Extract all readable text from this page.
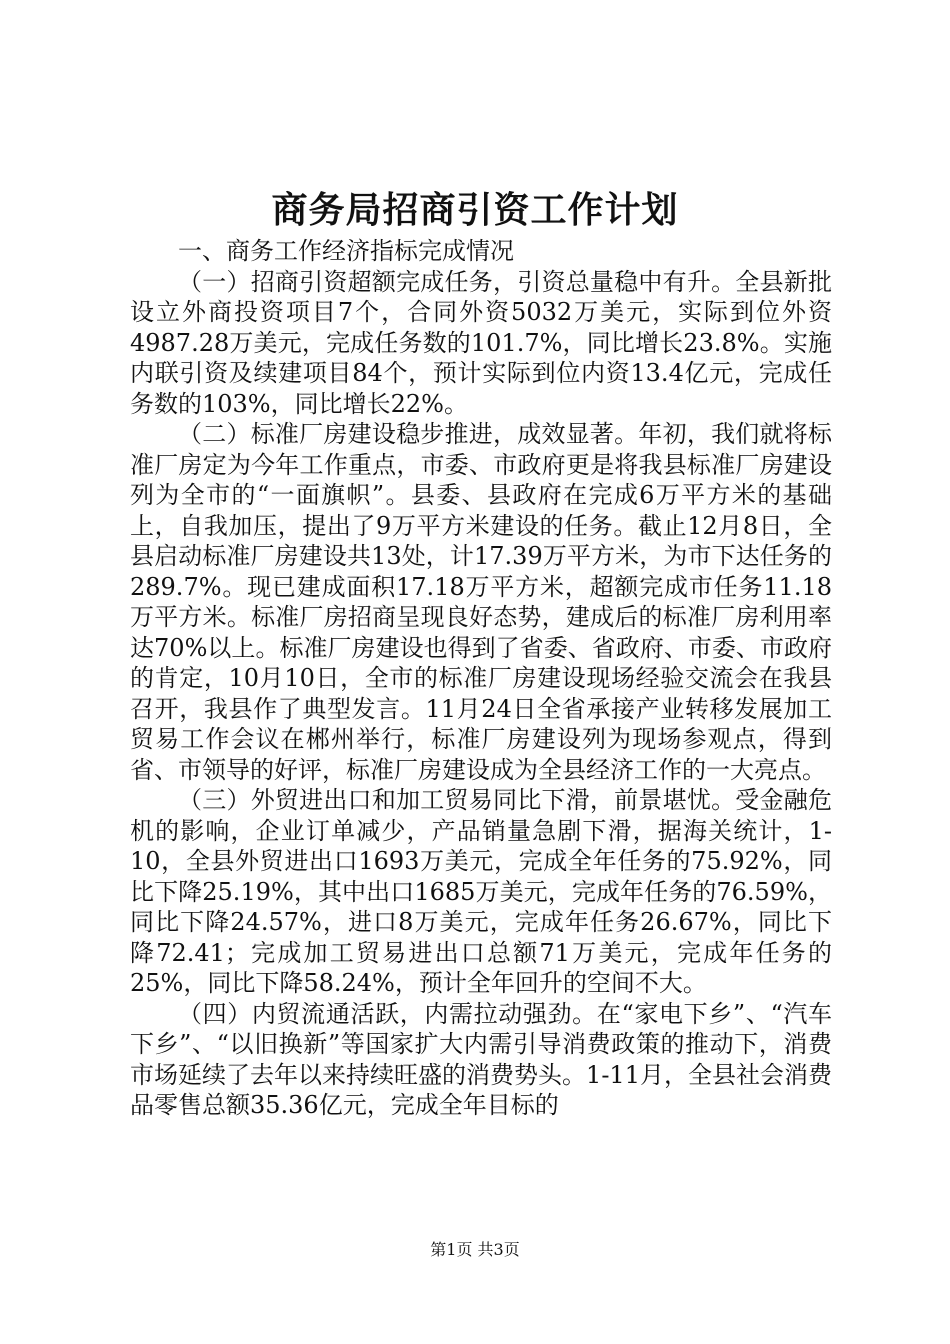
商务局招商引资工作计划

一、商务工作经济指标完成情况

（一）招商引资超额完成任务，引资总量稳中有升。全县新批设立外商投资项目7个，合同外资5032万美元，实际到位外资4987.28万美元，完成任务数的101.7%，同比增长23.8%。实施内联引资及续建项目84个，预计实际到位内资13.4亿元，完成任务数的103%，同比增长22%。

（二）标准厂房建设稳步推进，成效显著。年初，我们就将标准厂房定为今年工作重点，市委、市政府更是将我县标准厂房建设列为全市的“一面旗帜”。县委、县政府在完成6万平方米的基础上，自我加压，提出了9万平方米建设的任务。截止12月8日，全县启动标准厂房建设共13处，计17.39万平方米，为市下达任务的289.7%。现已建成面积17.18万平方米，超额完成市任务11.18万平方米。标准厂房招商呈现良好态势，建成后的标准厂房利用率达70%以上。标准厂房建设也得到了省委、省政府、市委、市政府的肯定，10月10日，全市的标准厂房建设现场经验交流会在我县召开，我县作了典型发言。11月24日全省承接产业转移发展加工贸易工作会议在郴州举行，标准厂房建设列为现场参观点，得到省、市领导的好评，标准厂房建设成为全县经济工作的一大亮点。

（三）外贸进出口和加工贸易同比下滑，前景堪忧。受金融危机的影响，企业订单减少，产品销量急剧下滑，据海关统计，1-10，全县外贸进出口1693万美元，完成全年任务的75.92%，同比下降25.19%，其中出口1685万美元，完成年任务的76.59%，同比下降24.57%，进口8万美元，完成年任务26.67%，同比下降72.41；完成加工贸易进出口总额71万美元，完成年任务的25%，同比下降58.24%，预计全年回升的空间不大。

（四）内贸流通活跃，内需拉动强劲。在“家电下乡”、“汽车下乡”、“以旧换新”等国家扩大内需引导消费政策的推动下，消费市场延续了去年以来持续旺盛的消费势头。1-11月，全县社会消费品零售总额35.36亿元，完成全年目标的

第1页 共3页
